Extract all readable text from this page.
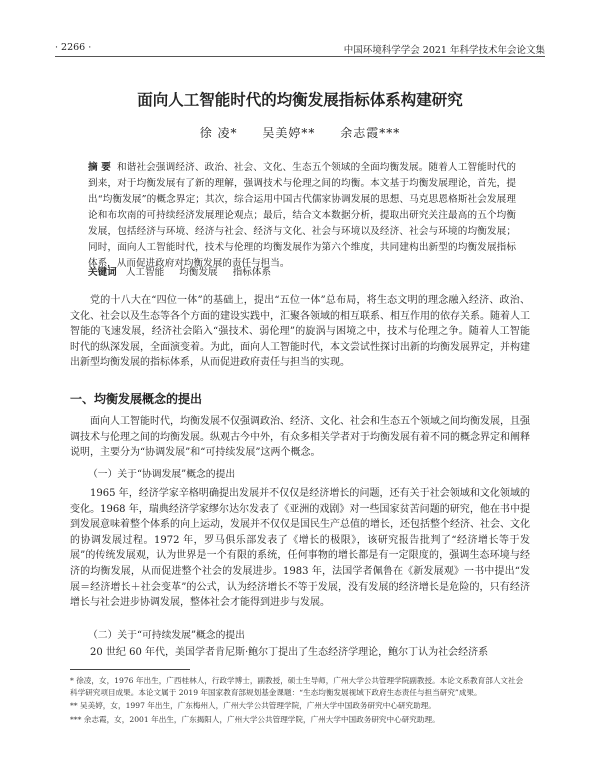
· 2266 ·	中国环境科学学会 2021 年科学技术年会论文集
面向人工智能时代的均衡发展指标体系构建研究
徐 凌* 吴美婷** 余志霞***
摘 要 和谐社会强调经济、政治、社会、文化、生态五个领域的全面均衡发展。随着人工智能时代的到来，对于均衡发展有了新的理解，强调技术与伦理之间的均衡。本文基于均衡发展理论，首先，提出“均衡发展”的概念界定；其次，综合运用中国古代儒家协调发展的思想、马克思恩格斯社会发展理论和布坎南的可持续经济发展理论观点；最后，结合文本数据分析，提取出研究关注最高的五个均衡发展，包括经济与环境、经济与社会、经济与文化、社会与环境以及经济、社会与环境的均衡发展；同时，面向人工智能时代，技术与伦理的均衡发展作为第六个维度，共同建构出新型的均衡发展指标体系，从而促进政府对均衡发展的责任与担当。
关键词 人工智能 均衡发展 指标体系

党的十八大在“四位一体”的基础上，提出“五位一体”总布局，将生态文明的理念融入经济、政治、文化、社会以及生态等各个方面的建设实践中，汇聚各领域的相互联系、相互作用的依存关系。随着人工智能的飞速发展，经济社会陷入“强技术、弱伦理”的旋涡与困境之中，技术与伦理之争。随着人工智能时代的纵深发展，全面演变着。为此，面向人工智能时代，本文尝试性探讨出新的均衡发展界定，并构建出新型均衡发展的指标体系，从而促进政府责任与担当的实现。

一、均衡发展概念的提出

面向人工智能时代，均衡发展不仅强调政治、经济、文化、社会和生态五个领域之间均衡发展，且强调技术与伦理之间的均衡发展。纵观古今中外，有众多相关学者对于均衡发展有着不同的概念界定和阐释说明，主要分为“协调发展”和“可持续发展”这两个概念。

（一）关于“协调发展”概念的提出

1965 年，经济学家辛格明确提出发展并不仅仅是经济增长的问题，还有关于社会领域和文化领域的变化。1968 年，瑞典经济学家缪尔达尔发表了《亚洲的戏剧》对一些国家贫苦问题的研究，他在书中提到发展意味着整个体系的向上运动，发展并不仅仅是国民生产总值的增长，还包括整个经济、社会、文化的协调发展过程。1972 年，罗马俱乐部发表了《增长的极限》，该研究报告批判了“经济增长等于发展”的传统发展观，认为世界是一个有限的系统，任何事物的增长都是有一定限度的，强调生态环境与经济的均衡发展，从而促进整个社会的发展进步。1983 年，法国学者佩鲁在《新发展观》一书中提出“发展＝经济增长＋社会变革”的公式，认为经济增长不等于发展，没有发展的经济增长是危险的，只有经济增长与社会进步协调发展，整体社会才能得到进步与发展。

（二）关于“可持续发展”概念的提出

20 世纪 60 年代，美国学者肯尼斯·鲍尔丁提出了生态经济学理论，鲍尔丁认为社会经济系

* 徐凌，女，1976 年出生，广西桂林人，行政学博士，副教授，硕士生导师，广州大学公共管理学院副教授。本论文系教育部人文社会科学研究项目成果。本论文属于 2019 年国家教育部规划基金课题：“生态均衡发展视域下政府生态责任与担当研究”成果。

** 吴美婷，女，1997 年出生，广东梅州人，广州大学公共管理学院，广州大学中国政务研究中心研究助理。

*** 余志霞，女，2001 年出生，广东揭阳人，广州大学公共管理学院，广州大学中国政务研究中心研究助理。
